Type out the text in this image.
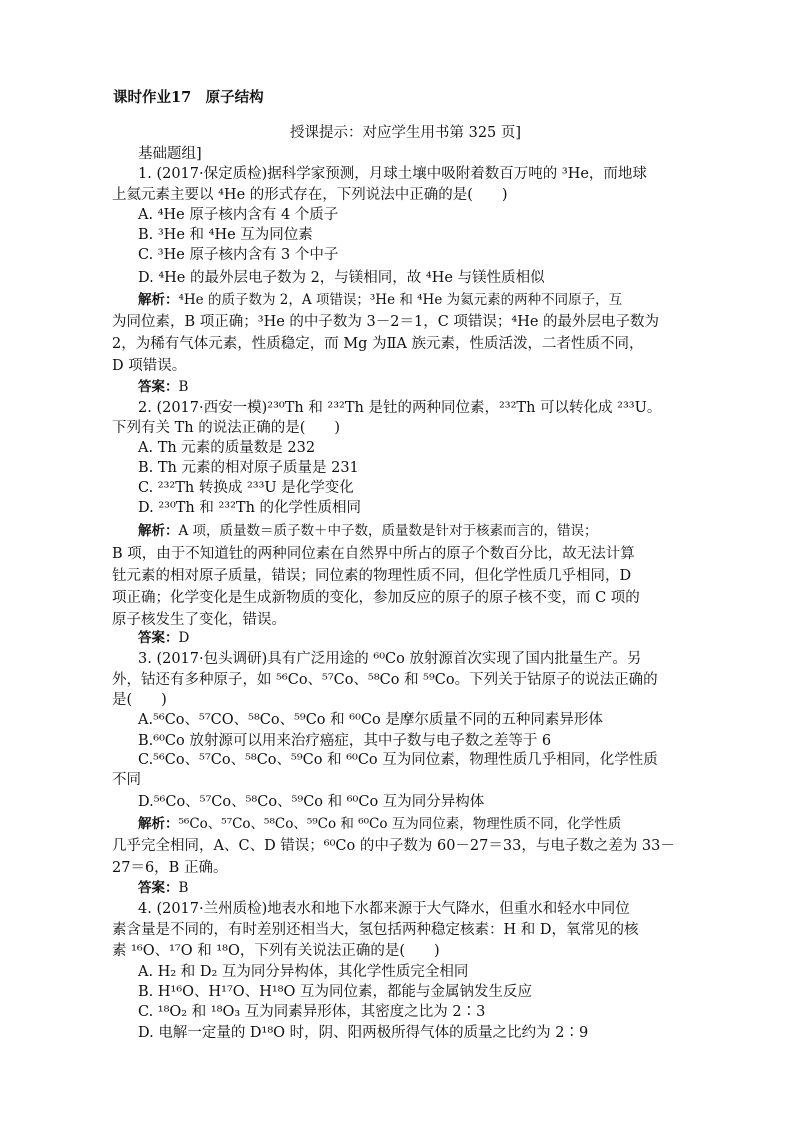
课时作业17　原子结构
授课提示：对应学生用书第 325 页]
基础题组]
1. (2017·保定质检)据科学家预测，月球土壤中吸附着数百万吨的 ³He，而地球
上氦元素主要以 ⁴He 的形式存在，下列说法中正确的是(　　)
A. ⁴He 原子核内含有 4 个质子
B. ³He 和 ⁴He 互为同位素
C. ³He 原子核内含有 3 个中子
D. ⁴He 的最外层电子数为 2，与镁相同，故 ⁴He 与镁性质相似
解析：⁴He 的质子数为 2，A 项错误；³He 和 ⁴He 为氦元素的两种不同原子，互
为同位素，B 项正确；³He 的中子数为 3－2＝1，C 项错误；⁴He 的最外层电子数为
2，为稀有气体元素，性质稳定，而 Mg 为ⅡA 族元素，性质活泼，二者性质不同，
D 项错误。
答案：B
2. (2017·西安一模)²³⁰Th 和 ²³²Th 是钍的两种同位素，²³²Th 可以转化成 ²³³U。
下列有关 Th 的说法正确的是(　　)
A. Th 元素的质量数是 232
B. Th 元素的相对原子质量是 231
C. ²³²Th 转换成 ²³³U 是化学变化
D. ²³⁰Th 和 ²³²Th 的化学性质相同
解析：A 项，质量数＝质子数＋中子数，质量数是针对于核素而言的，错误；
B 项，由于不知道钍的两种同位素在自然界中所占的原子个数百分比，故无法计算
钍元素的相对原子质量，错误；同位素的物理性质不同，但化学性质几乎相同，D
项正确；化学变化是生成新物质的变化，参加反应的原子的原子核不变，而 C 项的
原子核发生了变化，错误。
答案：D
3. (2017·包头调研)具有广泛用途的 ⁶⁰Co 放射源首次实现了国内批量生产。另
外，钴还有多种原子，如 ⁵⁶Co、⁵⁷Co、⁵⁸Co 和 ⁵⁹Co。下列关于钴原子的说法正确的
是(　　)
A.⁵⁶Co、⁵⁷CO、⁵⁸Co、⁵⁹Co 和 ⁶⁰Co 是摩尔质量不同的五种同素异形体
B.⁶⁰Co 放射源可以用来治疗癌症，其中子数与电子数之差等于 6
C.⁵⁶Co、⁵⁷Co、⁵⁸Co、⁵⁹Co 和 ⁶⁰Co 互为同位素，物理性质几乎相同，化学性质
不同
D.⁵⁶Co、⁵⁷Co、⁵⁸Co、⁵⁹Co 和 ⁶⁰Co 互为同分异构体
解析：⁵⁶Co、⁵⁷Co、⁵⁸Co、⁵⁹Co 和 ⁶⁰Co 互为同位素，物理性质不同，化学性质
几乎完全相同，A、C、D 错误；⁶⁰Co 的中子数为 60－27＝33，与电子数之差为 33－
27＝6，B 正确。
答案：B
4. (2017·兰州质检)地表水和地下水都来源于大气降水，但重水和轻水中同位
素含量是不同的，有时差别还相当大，氢包括两种稳定核素：H 和 D，氧常见的核
素 ¹⁶O、¹⁷O 和 ¹⁸O，下列有关说法正确的是(　　)
A. H₂ 和 D₂ 互为同分异构体，其化学性质完全相同
B. H¹⁶O、H¹⁷O、H¹⁸O 互为同位素，都能与金属钠发生反应
C. ¹⁸O₂ 和 ¹⁸O₃ 互为同素异形体，其密度之比为 2∶3
D. 电解一定量的 D¹⁸O 时，阴、阳两极所得气体的质量之比约为 2∶9
